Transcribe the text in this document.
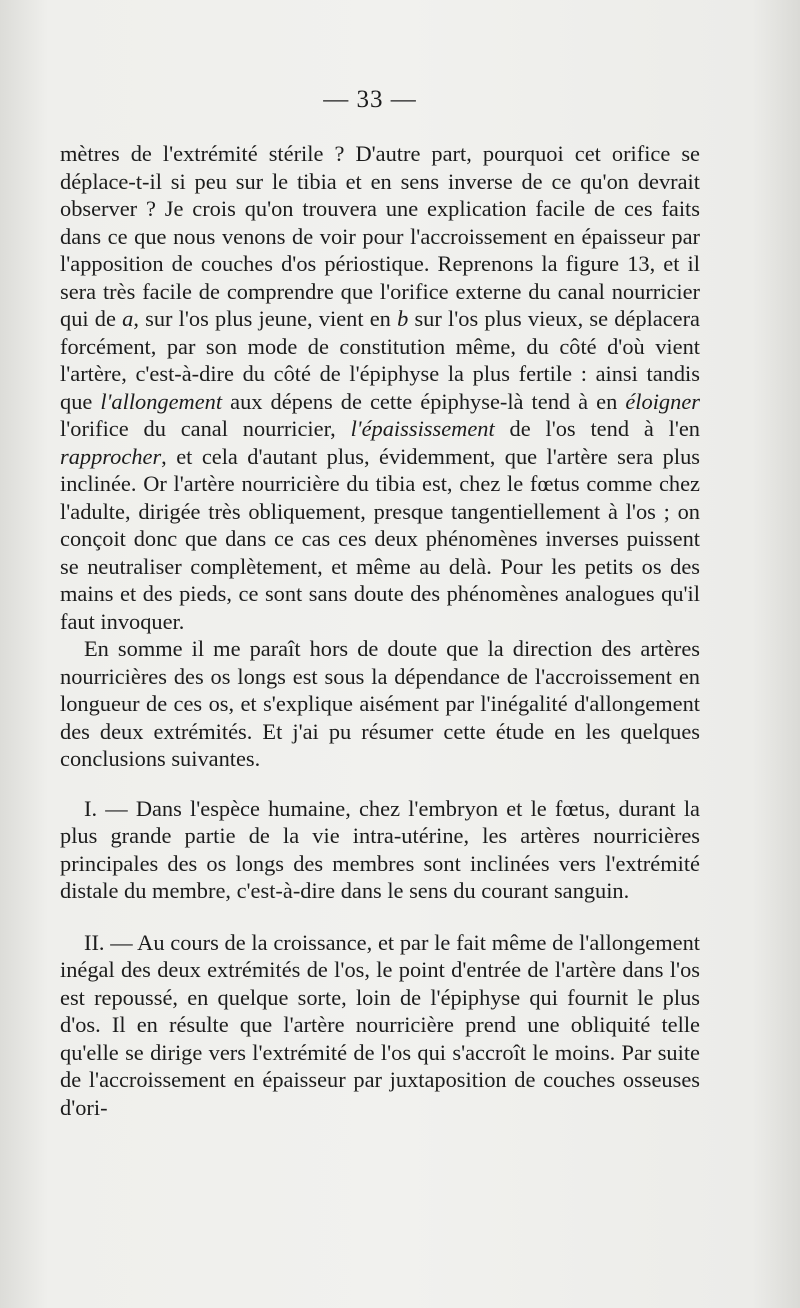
— 33 —

mètres de l'extrémité stérile ? D'autre part, pourquoi cet orifice se déplace-t-il si peu sur le tibia et en sens inverse de ce qu'on devrait observer ? Je crois qu'on trouvera une explication facile de ces faits dans ce que nous venons de voir pour l'accroissement en épaisseur par l'apposition de couches d'os périostique. Reprenons la figure 13, et il sera très facile de comprendre que l'orifice externe du canal nourricier qui de a, sur l'os plus jeune, vient en b sur l'os plus vieux, se déplacera forcément, par son mode de constitution même, du côté d'où vient l'artère, c'est-à-dire du côté de l'épiphyse la plus fertile : ainsi tandis que l'allongement aux dépens de cette épiphyse-là tend à en éloigner l'orifice du canal nourricier, l'épaississement de l'os tend à l'en rapprocher, et cela d'autant plus, évidemment, que l'artère sera plus inclinée. Or l'artère nourricière du tibia est, chez le fœtus comme chez l'adulte, dirigée très obliquement, presque tangentiellement à l'os ; on conçoit donc que dans ce cas ces deux phénomènes inverses puissent se neutraliser complètement, et même au delà. Pour les petits os des mains et des pieds, ce sont sans doute des phénomènes analogues qu'il faut invoquer.

En somme il me paraît hors de doute que la direction des artères nourricières des os longs est sous la dépendance de l'accroissement en longueur de ces os, et s'explique aisément par l'inégalité d'allongement des deux extrémités. Et j'ai pu résumer cette étude en les quelques conclusions suivantes.

I. — Dans l'espèce humaine, chez l'embryon et le fœtus, durant la plus grande partie de la vie intra-utérine, les artères nourricières principales des os longs des membres sont inclinées vers l'extrémité distale du membre, c'est-à-dire dans le sens du courant sanguin.

II. — Au cours de la croissance, et par le fait même de l'allongement inégal des deux extrémités de l'os, le point d'entrée de l'artère dans l'os est repoussé, en quelque sorte, loin de l'épiphyse qui fournit le plus d'os. Il en résulte que l'artère nourricière prend une obliquité telle qu'elle se dirige vers l'extrémité de l'os qui s'accroît le moins. Par suite de l'accroissement en épaisseur par juxtaposition de couches osseuses d'ori-
